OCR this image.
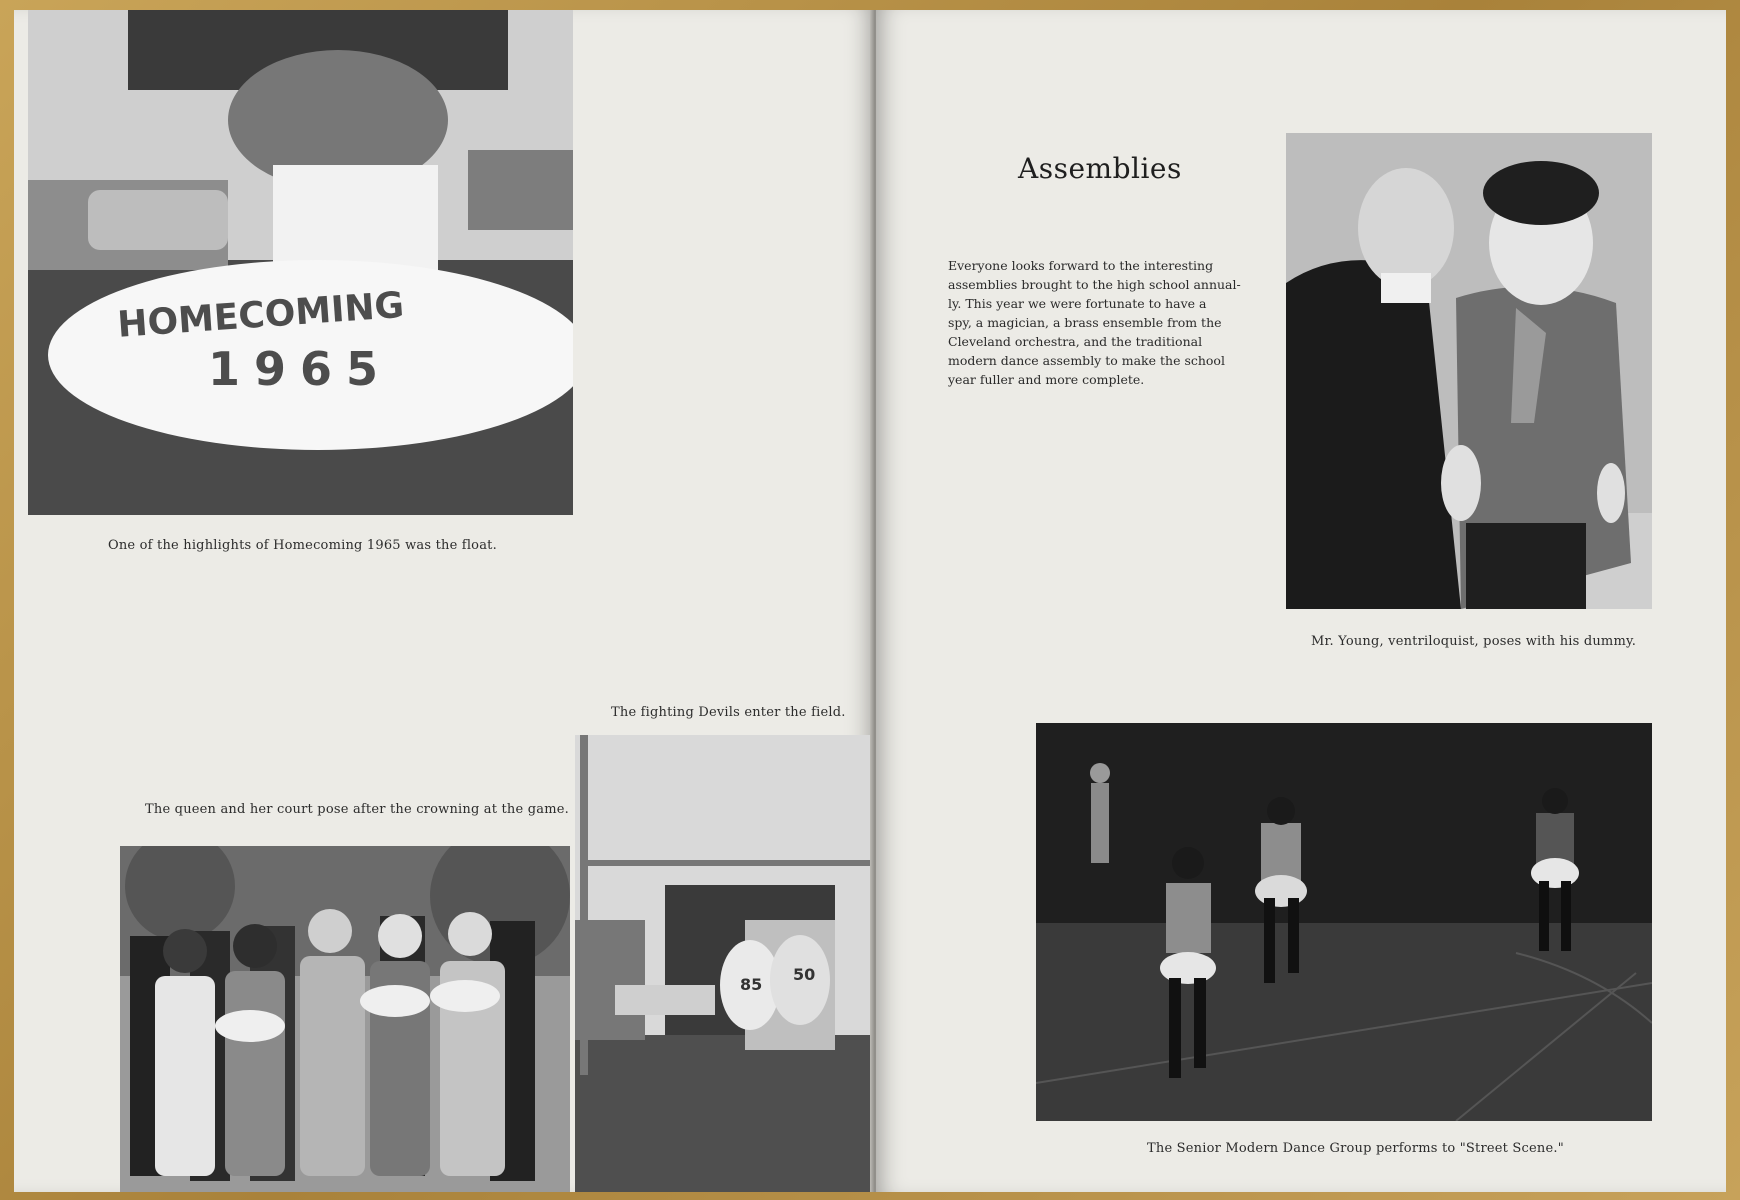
HOMECOMING
1965
One of the highlights of Homecoming 1965 was the float.
The fighting Devils enter the field.
The queen and her court pose after the crowning at the game.
85
50
Assemblies
Everyone looks forward to the interesting
assemblies brought to the high school annual-
ly. This year we were fortunate to have a
spy, a magician, a brass ensemble from the
Cleveland orchestra, and the traditional
modern dance assembly to make the school
year fuller and more complete.
Mr. Young, ventriloquist, poses with his dummy.
The Senior Modern Dance Group performs to "Street Scene."
